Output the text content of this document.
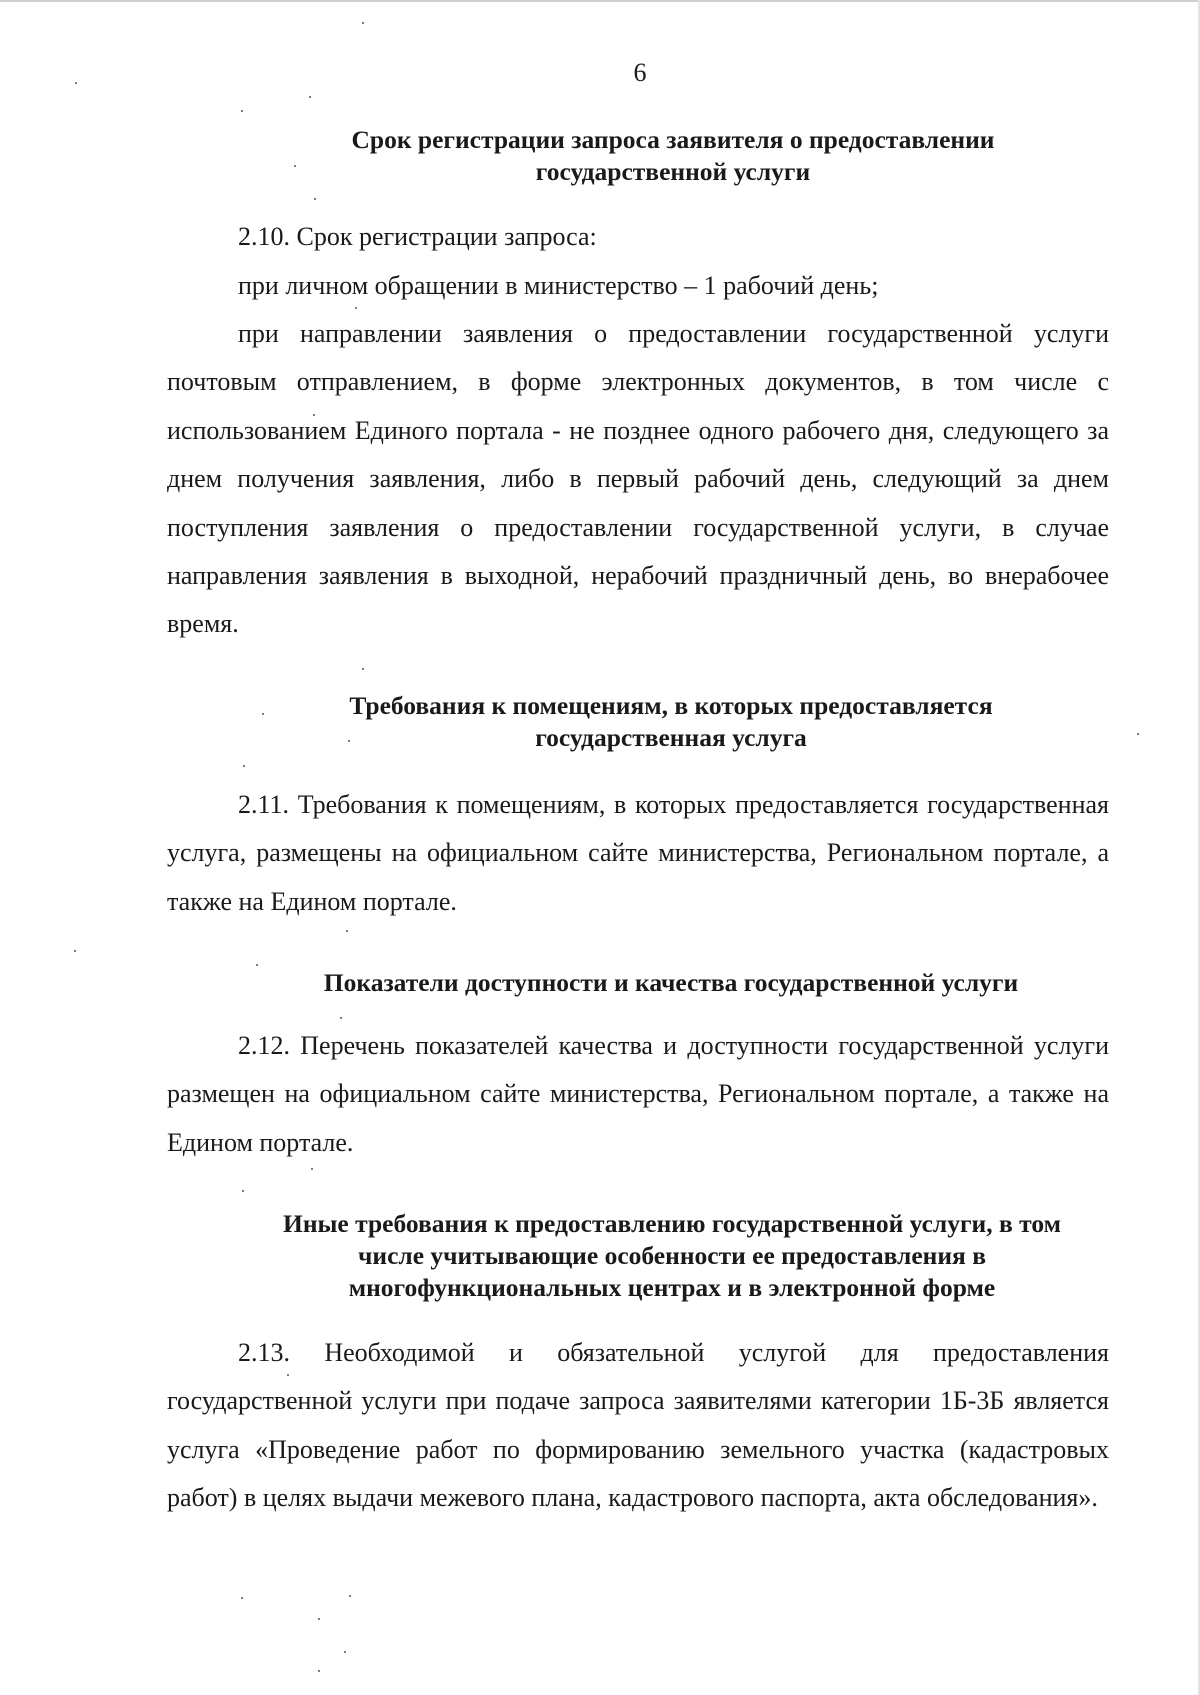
6
Срок регистрации запроса заявителя о предоставлении
государственной услуги
2.10. Срок регистрации запроса:
при личном обращении в министерство – 1 рабочий день;
при направлении заявления о предоставлении государственной услуги почтовым отправлением, в форме электронных документов, в том числе с использованием Единого портала - не позднее одного рабочего дня, следующего за днем получения заявления, либо в первый рабочий день, следующий за днем поступления заявления о предоставлении государственной услуги, в случае направления заявления в выходной, нерабочий праздничный день, во внерабочее время.
Требования к помещениям, в которых предоставляется
государственная услуга
2.11. Требования к помещениям, в которых предоставляется государственная услуга, размещены на официальном сайте министерства, Региональном портале, а также на Едином портале.
Показатели доступности и качества государственной услуги
2.12. Перечень показателей качества и доступности государственной услуги размещен на официальном сайте министерства, Региональном портале, а также на Едином портале.
Иные требования к предоставлению государственной услуги, в том
числе учитывающие особенности ее предоставления в
многофункциональных центрах и в электронной форме
2.13. Необходимой и обязательной услугой для предоставления государственной услуги при подаче запроса заявителями категории 1Б-3Б является услуга «Проведение работ по формированию земельного участка (кадастровых работ) в целях выдачи межевого плана, кадастрового паспорта, акта обследования».
